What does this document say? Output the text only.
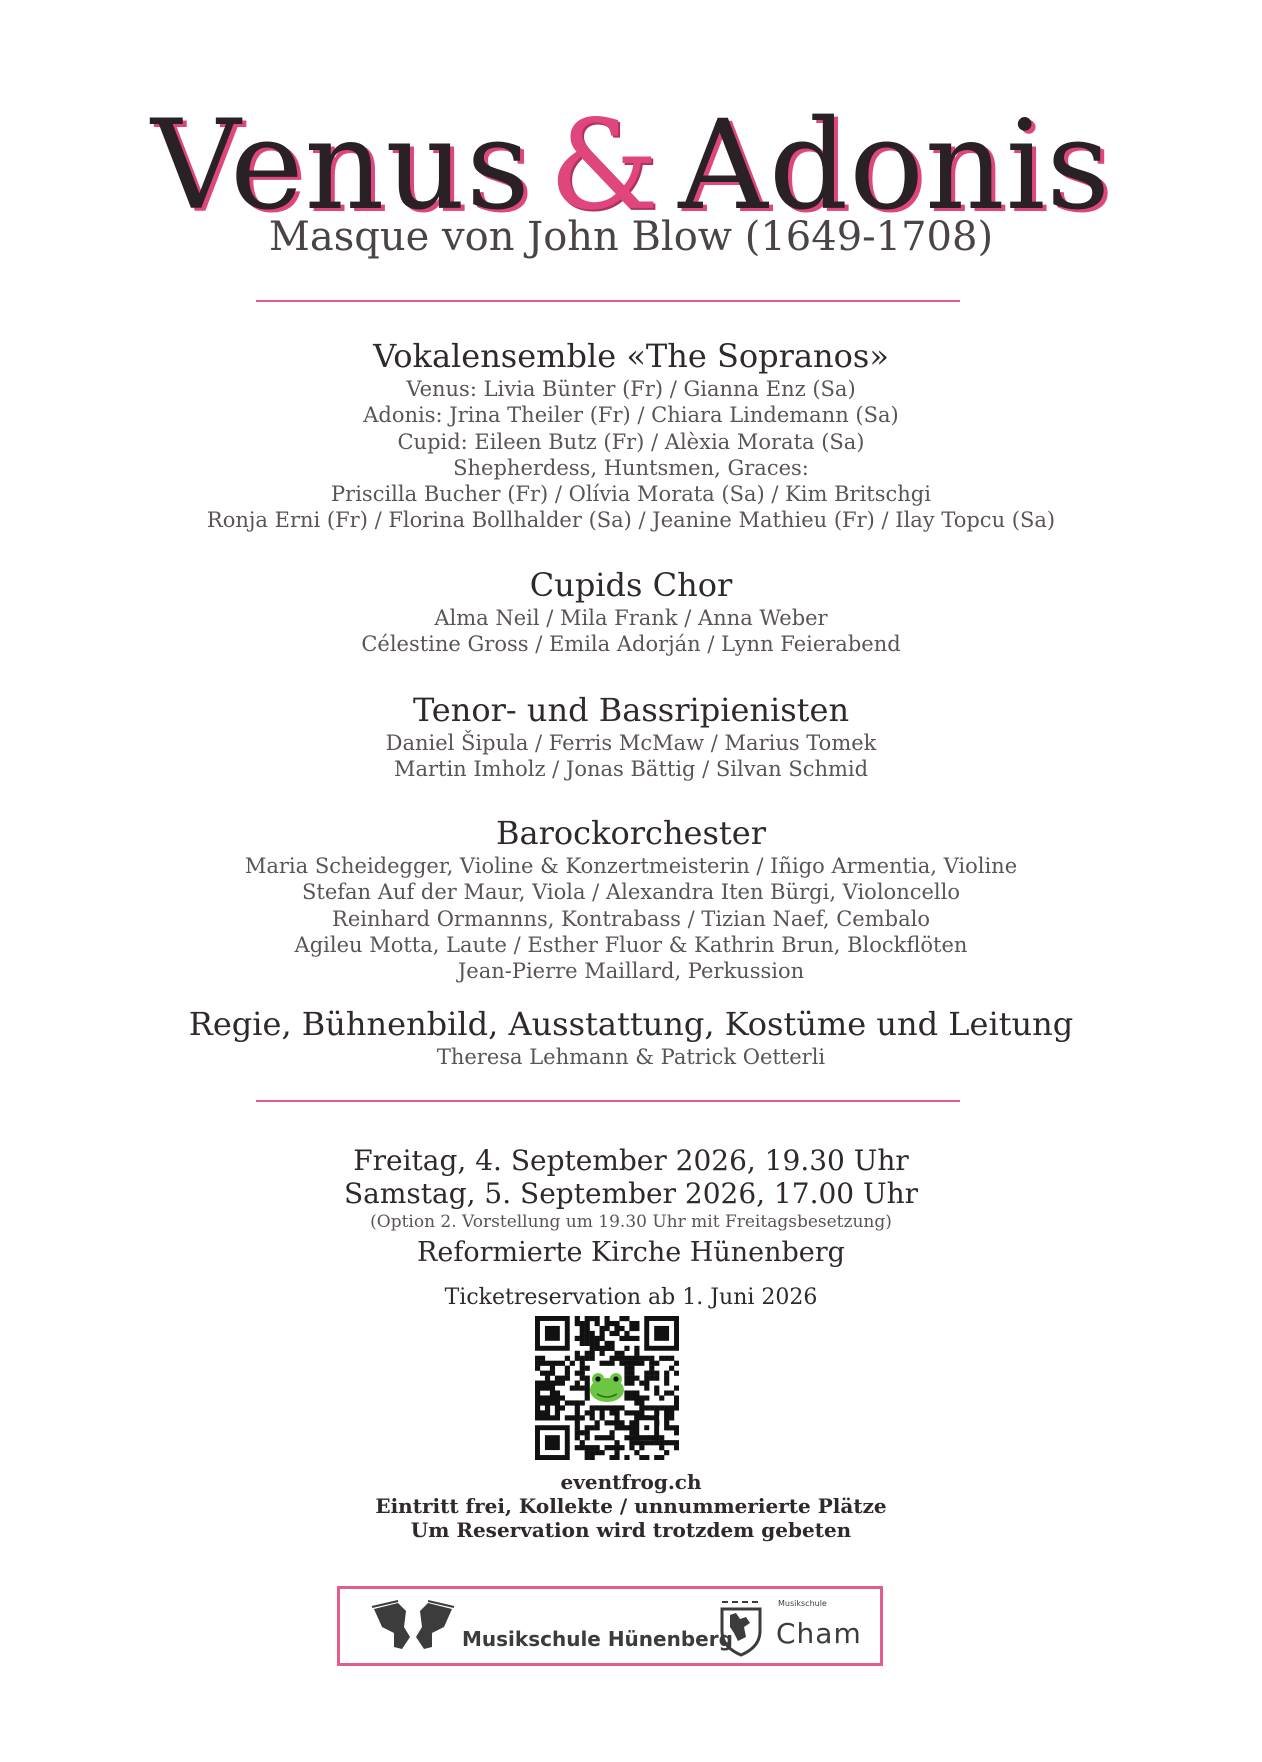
Venus & Adonis
Masque von John Blow (1649-1708)
Vokalensemble «The Sopranos»
Venus: Livia Bünter (Fr) / Gianna Enz (Sa)
Adonis: Jrina Theiler (Fr) / Chiara Lindemann (Sa)
Cupid: Eileen Butz (Fr) / Alèxia Morata (Sa)
Shepherdess, Huntsmen, Graces:
Priscilla Bucher (Fr) / Olívia Morata (Sa) / Kim Britschgi
Ronja Erni (Fr) / Florina Bollhalder (Sa) / Jeanine Mathieu (Fr) / Ilay Topcu (Sa)
Cupids Chor
Alma Neil / Mila Frank / Anna Weber
Célestine Gross / Emila Adorján / Lynn Feierabend
Tenor- und Bassripienisten
Daniel Šipula / Ferris McMaw / Marius Tomek
Martin Imholz / Jonas Bättig / Silvan Schmid
Barockorchester
Maria Scheidegger, Violine & Konzertmeisterin / Iñigo Armentia, Violine
Stefan Auf der Maur, Viola / Alexandra Iten Bürgi, Violoncello
Reinhard Ormannns, Kontrabass / Tizian Naef, Cembalo
Agileu Motta, Laute / Esther Fluor & Kathrin Brun, Blockflöten
Jean-Pierre Maillard, Perkussion
Regie, Bühnenbild, Ausstattung, Kostüme und Leitung
Theresa Lehmann & Patrick Oetterli
Freitag, 4. September 2026, 19.30 Uhr
Samstag, 5. September 2026, 17.00 Uhr
(Option 2. Vorstellung um 19.30 Uhr mit Freitagsbesetzung)
Reformierte Kirche Hünenberg
Ticketreservation ab 1. Juni 2026
eventfrog.ch
Eintritt frei, Kollekte / unnummerierte Plätze
Um Reservation wird trotzdem gebeten
Musikschule Hünenberg
Musikschule
Cham
